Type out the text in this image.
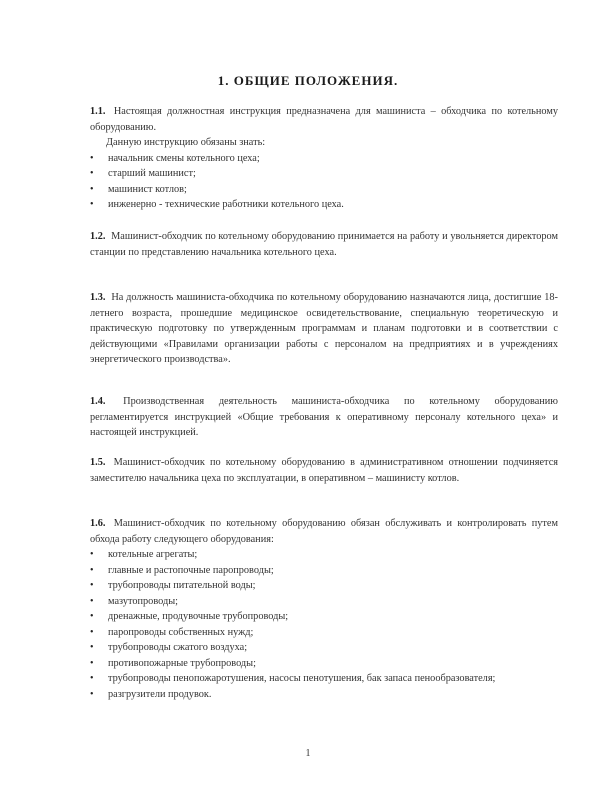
1. ОБЩИЕ ПОЛОЖЕНИЯ.
1.1. Настоящая должностная инструкция предназначена для машиниста – обходчика по котельному оборудованию.
Данную инструкцию обязаны знать:
• начальник смены котельного цеха;
• старший машинист;
• машинист котлов;
• инженерно - технические работники котельного цеха.
1.2. Машинист-обходчик по котельному оборудованию принимается на работу и увольняется директором станции по представлению начальника котельного цеха.
1.3. На должность машиниста-обходчика по котельному оборудованию назначаются лица, достигшие 18-летнего возраста, прошедшие медицинское освидетельствование, специальную теоретическую и практическую подготовку по утвержденным программам и планам подготовки и в соответствии с действующими «Правилами организации работы с персоналом на предприятиях и в учреждениях энергетического производства».
1.4. Производственная деятельность машиниста-обходчика по котельному оборудованию регламентируется инструкцией «Общие требования к оперативному персоналу котельного цеха» и настоящей инструкцией.
1.5. Машинист-обходчик по котельному оборудованию в административном отношении подчиняется заместителю начальника цеха по эксплуатации, в оперативном – машинисту котлов.
1.6. Машинист-обходчик по котельному оборудованию обязан обслуживать и контролировать путем обхода работу следующего оборудования:
• котельные агрегаты;
• главные и растопочные паропроводы;
• трубопроводы питательной воды;
• мазутопроводы;
• дренажные, продувочные трубопроводы;
• паропроводы собственных нужд;
• трубопроводы сжатого воздуха;
• противопожарные трубопроводы;
• трубопроводы пенопожаротушения, насосы пенотушения, бак запаса пенообразователя;
• разгрузители продувок.
1
